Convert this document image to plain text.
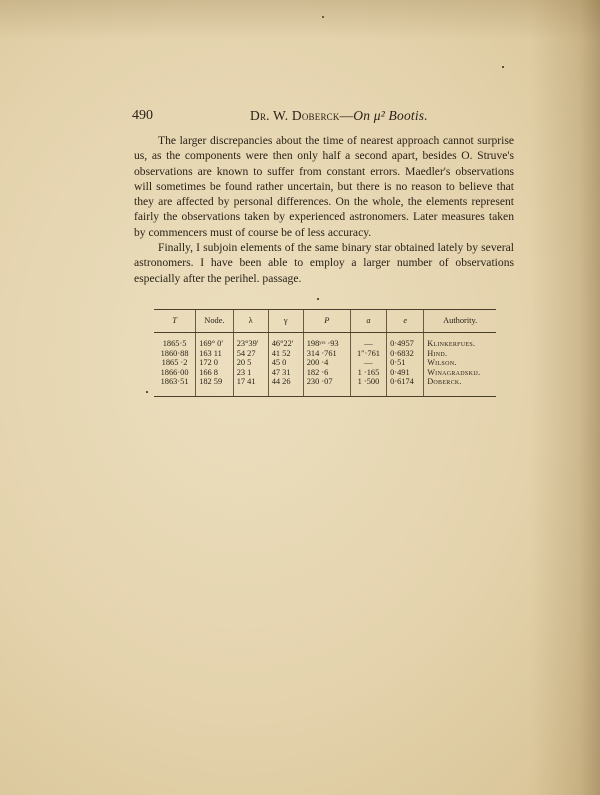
490	Dr. W. Doberck—On μ² Bootis.

The larger discrepancies about the time of nearest approach cannot surprise us, as the components were then only half a second apart, besides O. Struve's observations are known to suffer from constant errors. Maedler's observations will sometimes be found rather uncertain, but there is no reason to believe that they are affected by personal differences. On the whole, the elements represent fairly the observations taken by experienced astronomers. Later measures taken by commencers must of course be of less accuracy.

Finally, I subjoin elements of the same binary star obtained lately by several astronomers. I have been able to employ a larger number of observations especially after the perihel. passage.

T	Node.	λ	γ	P	a	e	Authority.

1865·5	169° 0′	23°39′	46°22′	198ʸʳˢ ·93	—	0·4957	Klinkerfues.
1860·88	163 11	54 27	41 52	314 ·761	1″·761	0·6832	Hind.
1865 ·2	172 0	20 5	45 0	200 ·4	—	0·51	Wilson.
1866·00	166 8	23 1	47 31	182 ·6	1 ·165	0·491	Winagradskij.
1863·51	182 59	17 41	44 26	230 ·07	1 ·500	0·6174	Doberck.
